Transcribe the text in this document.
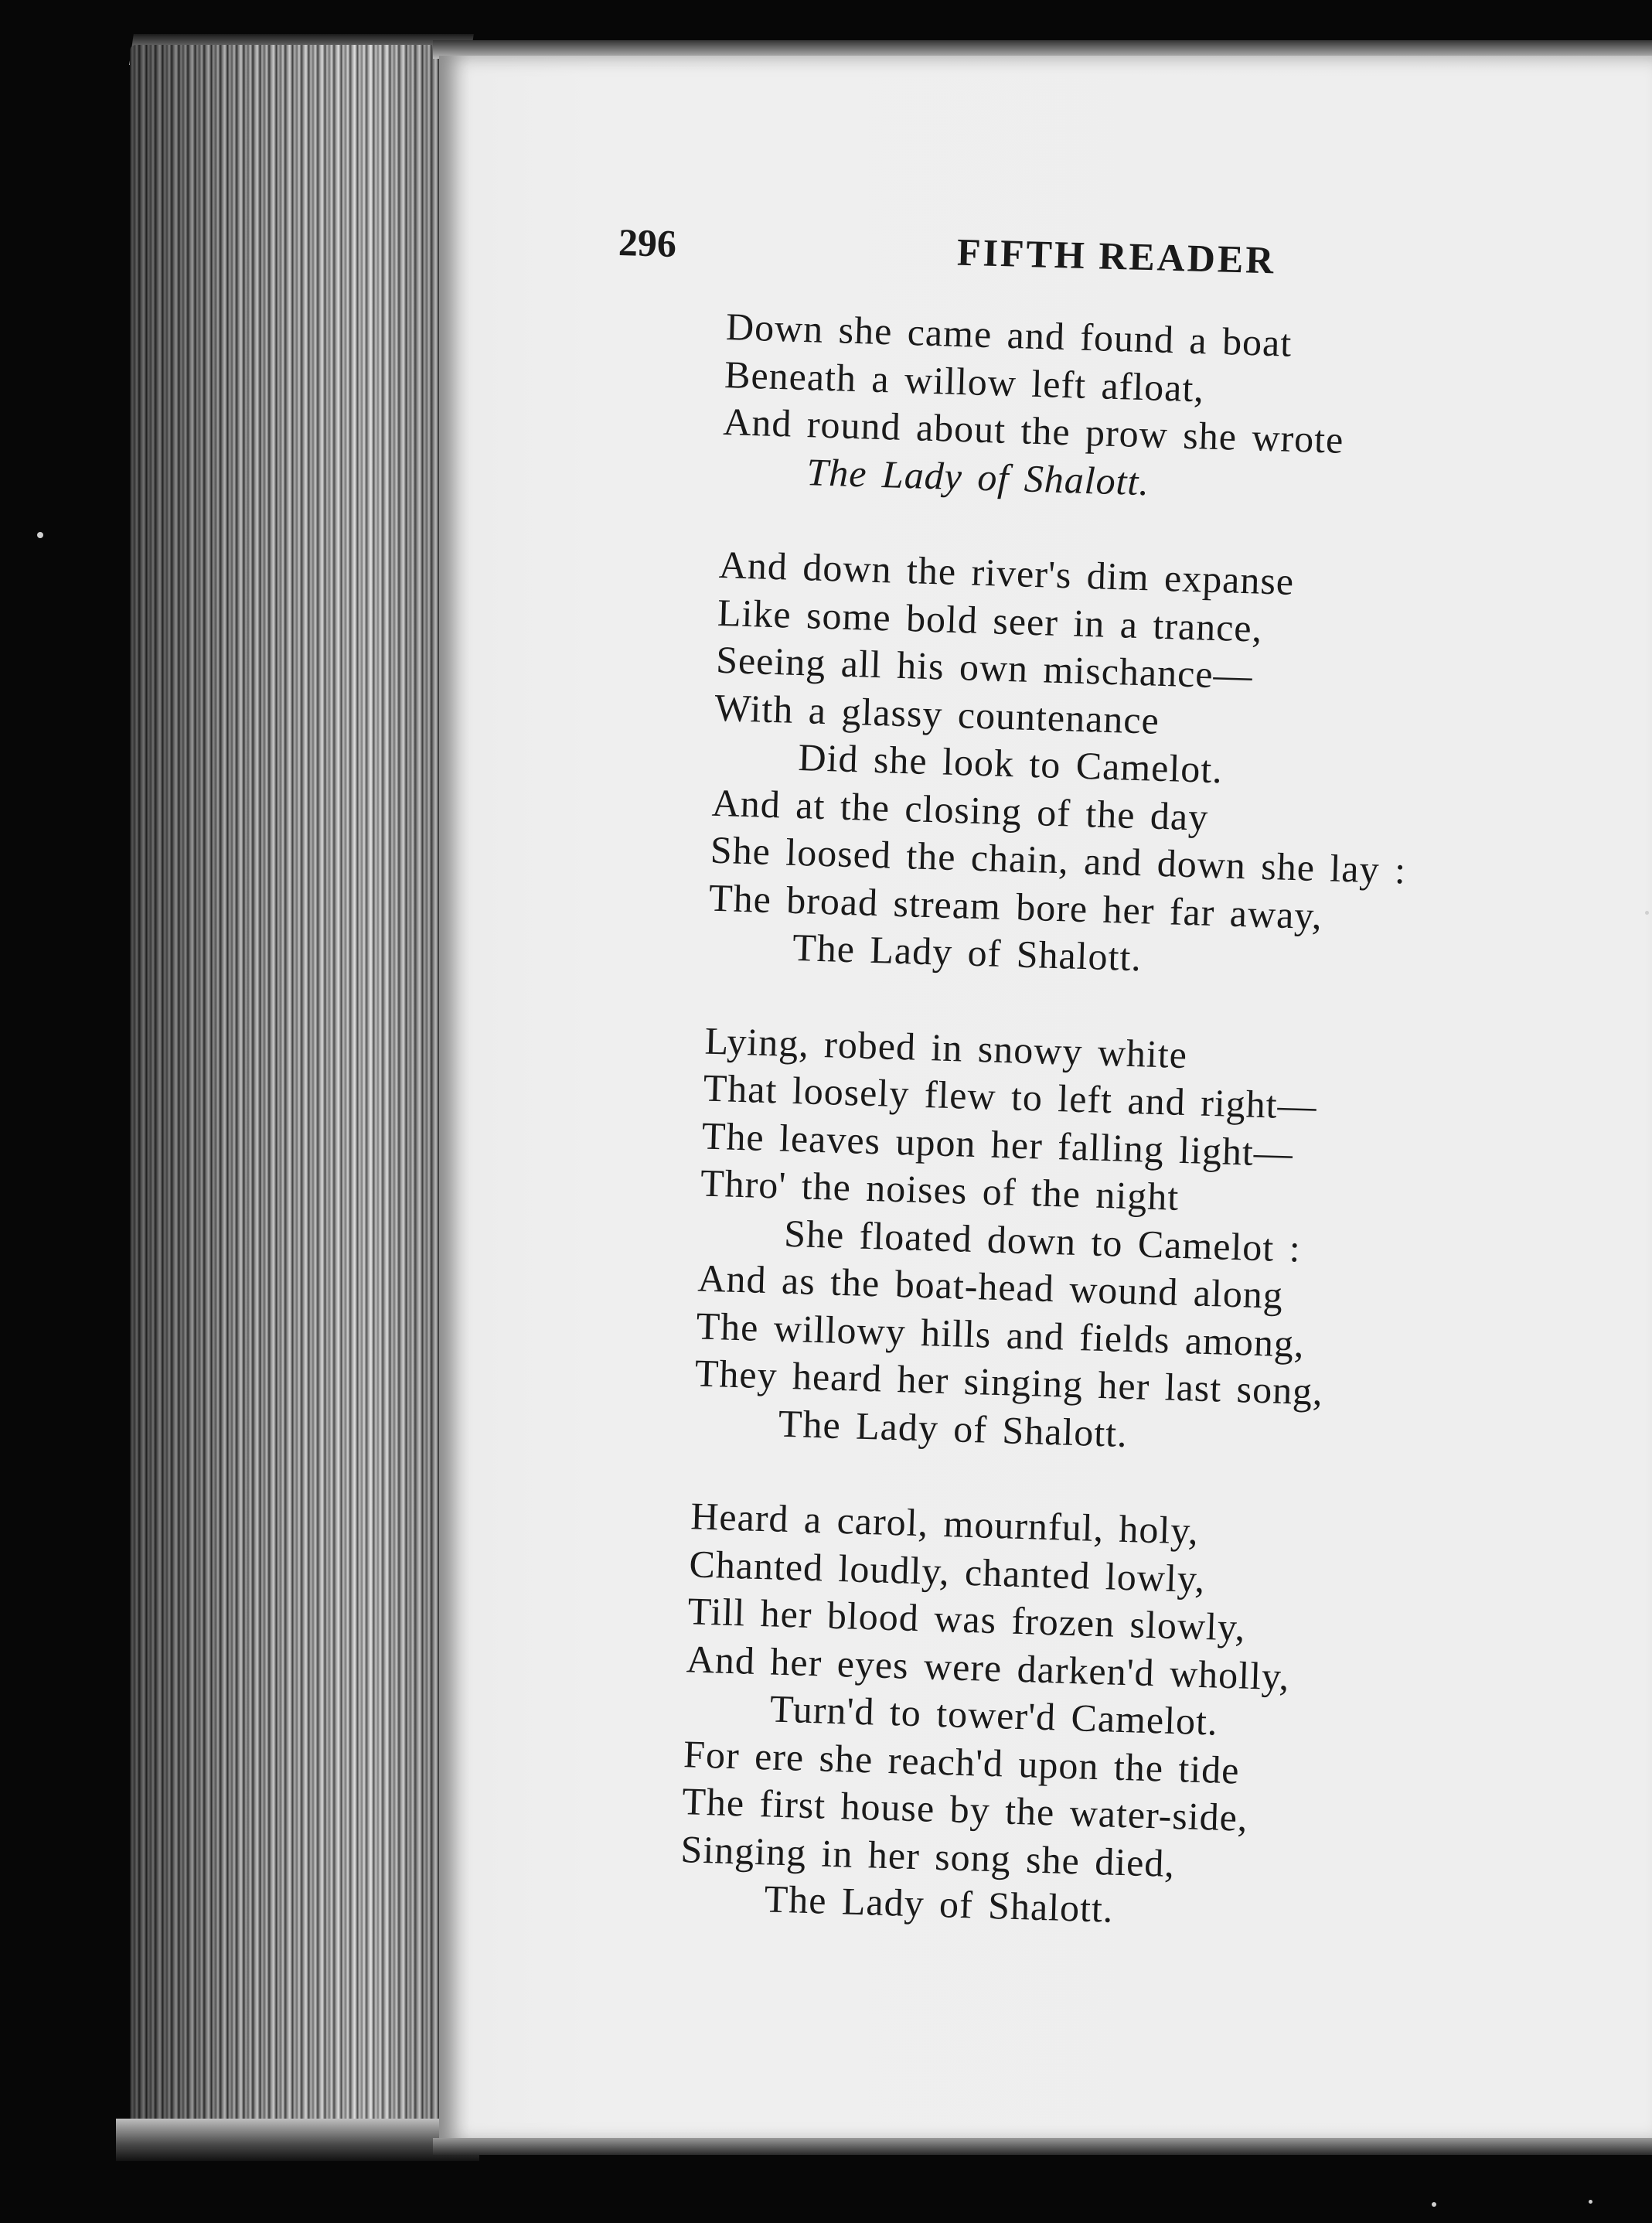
296	FIFTH READER
Down she came and found a boat
Beneath a willow left afloat,
And round about the prow she wrote
The Lady of Shalott.
And down the river's dim expanse
Like some bold seer in a trance,
Seeing all his own mischance—
With a glassy countenance
Did she look to Camelot.
And at the closing of the day
She loosed the chain, and down she lay :
The broad stream bore her far away,
The Lady of Shalott.
Lying, robed in snowy white
That loosely flew to left and right—
The leaves upon her falling light—
Thro' the noises of the night
She floated down to Camelot :
And as the boat-head wound along
The willowy hills and fields among,
They heard her singing her last song,
The Lady of Shalott.
Heard a carol, mournful, holy,
Chanted loudly, chanted lowly,
Till her blood was frozen slowly,
And her eyes were darken'd wholly,
Turn'd to tower'd Camelot.
For ere she reach'd upon the tide
The first house by the water-side,
Singing in her song she died,
The Lady of Shalott.
